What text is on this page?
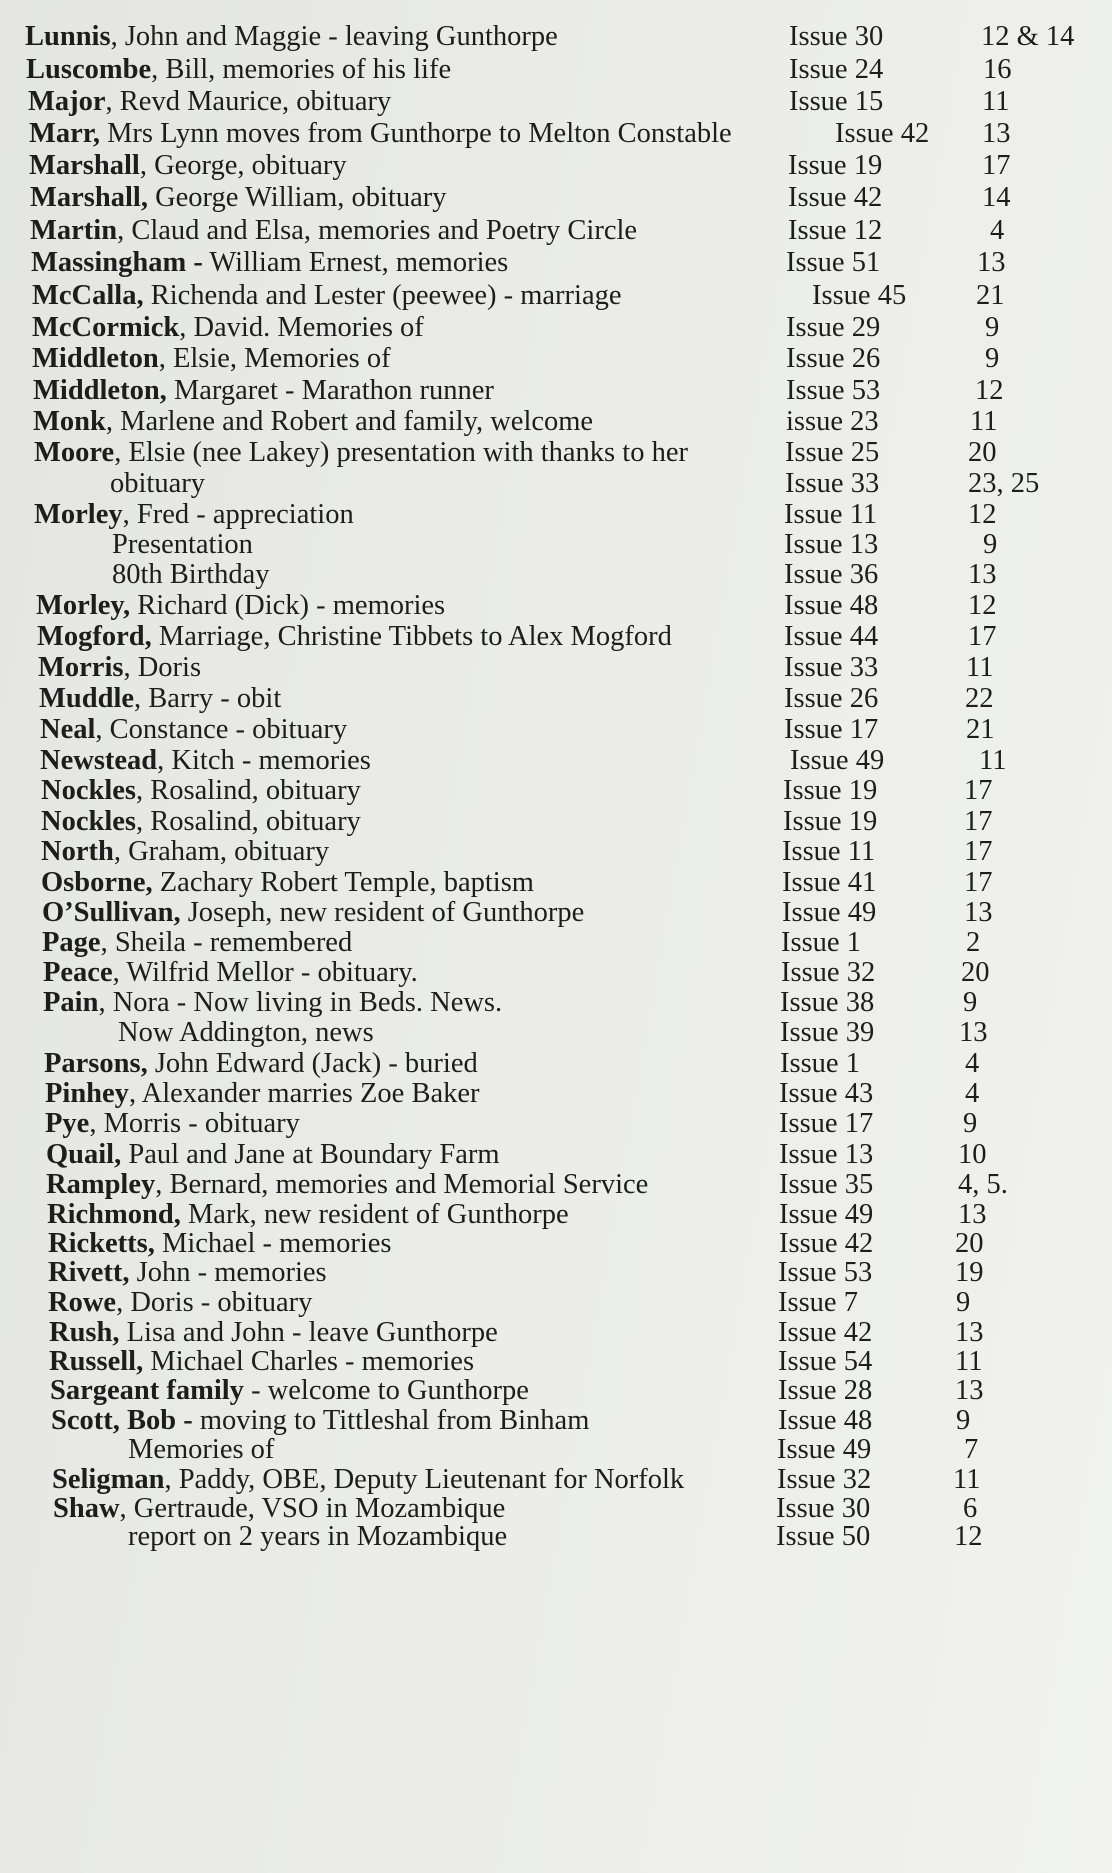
Lunnis, John and Maggie - leaving Gunthorpe	Issue 30	12 & 14
Luscombe, Bill, memories of his life	Issue 24	16
Major, Revd Maurice, obituary	Issue 15	11
Marr, Mrs Lynn moves from Gunthorpe to Melton Constable	Issue 42 13
Marshall, George, obituary	Issue 19	17
Marshall, George William, obituary	Issue 42	14
Martin, Claud and Elsa, memories and Poetry Circle	Issue 12	4
Massingham - William Ernest, memories	Issue 51	13
McCalla, Richenda and Lester (peewee) - marriage	Issue 45 21
McCormick, David. Memories of	Issue 29	9
Middleton, Elsie, Memories of	Issue 26	9
Middleton, Margaret - Marathon runner	Issue 53	12
Monk, Marlene and Robert and family, welcome	issue 23	11
Moore, Elsie (nee Lakey) presentation with thanks to her	Issue 25	20
obituary	Issue 33	23, 25
Morley, Fred - appreciation	Issue 11	12
Presentation	Issue 13	9
80th Birthday	Issue 36	13
Morley, Richard (Dick) - memories	Issue 48	12
Mogford, Marriage, Christine Tibbets to Alex Mogford	Issue 44	17
Morris, Doris	Issue 33	11
Muddle, Barry - obit	Issue 26	22
Neal, Constance - obituary	Issue 17	21
Newstead, Kitch - memories	Issue 49	11
Nockles, Rosalind, obituary	Issue 19	17
Nockles, Rosalind, obituary	Issue 19	17
North, Graham, obituary	Issue 11	17
Osborne, Zachary Robert Temple, baptism	Issue 41	17
O’Sullivan, Joseph, new resident of Gunthorpe	Issue 49	13
Page, Sheila - remembered	Issue 1	2
Peace, Wilfrid Mellor - obituary.	Issue 32	20
Pain, Nora - Now living in Beds. News.	Issue 38	9
Now Addington, news	Issue 39	13
Parsons, John Edward (Jack) - buried	Issue 1	4
Pinhey, Alexander marries Zoe Baker	Issue 43	4
Pye, Morris - obituary	Issue 17	9
Quail, Paul and Jane at Boundary Farm	Issue 13	10
Rampley, Bernard, memories and Memorial Service	Issue 35	4, 5.
Richmond, Mark, new resident of Gunthorpe	Issue 49	13
Ricketts, Michael - memories	Issue 42	20
Rivett, John - memories	Issue 53	19
Rowe, Doris - obituary	Issue 7	9
Rush, Lisa and John - leave Gunthorpe	Issue 42	13
Russell, Michael Charles - memories	Issue 54	11
Sargeant family - welcome to Gunthorpe	Issue 28	13
Scott, Bob - moving to Tittleshal from Binham	Issue 48	9
Memories of	Issue 49	7
Seligman, Paddy, OBE, Deputy Lieutenant for Norfolk	Issue 32	11
Shaw, Gertraude, VSO in Mozambique	Issue 30	6
report on 2 years in Mozambique	Issue 50	12
